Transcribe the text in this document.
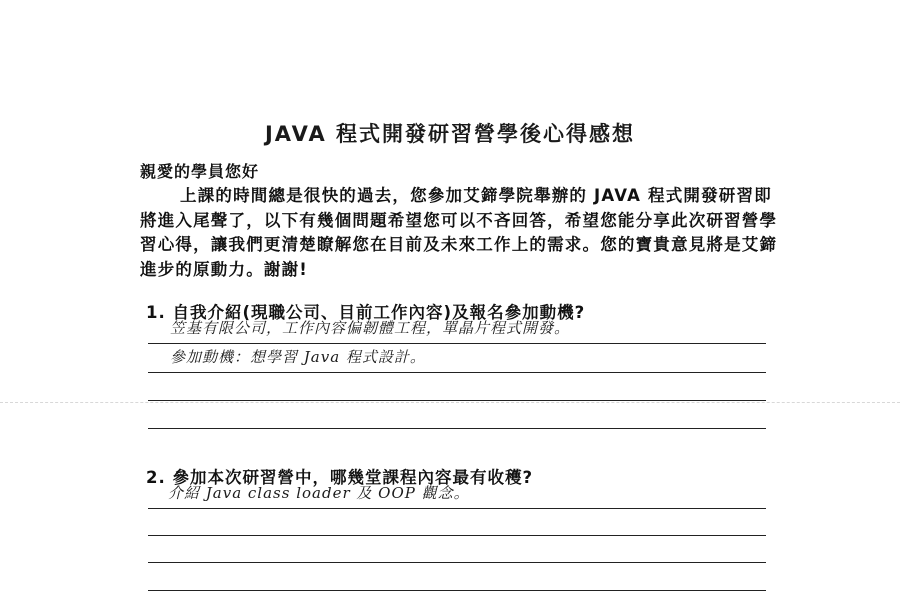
JAVA 程式開發研習營學後心得感想
親愛的學員您好

上課的時間總是很快的過去，您參加艾鍗學院舉辦的 JAVA 程式開發研習即將進入尾聲了，以下有幾個問題希望您可以不吝回答，希望您能分享此次研習營學習心得，讓我們更清楚瞭解您在目前及未來工作上的需求。您的寶貴意見將是艾鍗進步的原動力。謝謝!

1. 自我介紹(現職公司、目前工作內容)及報名參加動機?
笠基有限公司，工作內容偏韌體工程，單晶片程式開發。
參加動機：想學習 Java 程式設計。
2. 參加本次研習營中，哪幾堂課程內容最有收穫?
介紹 Java class loader 及 OOP 觀念。
